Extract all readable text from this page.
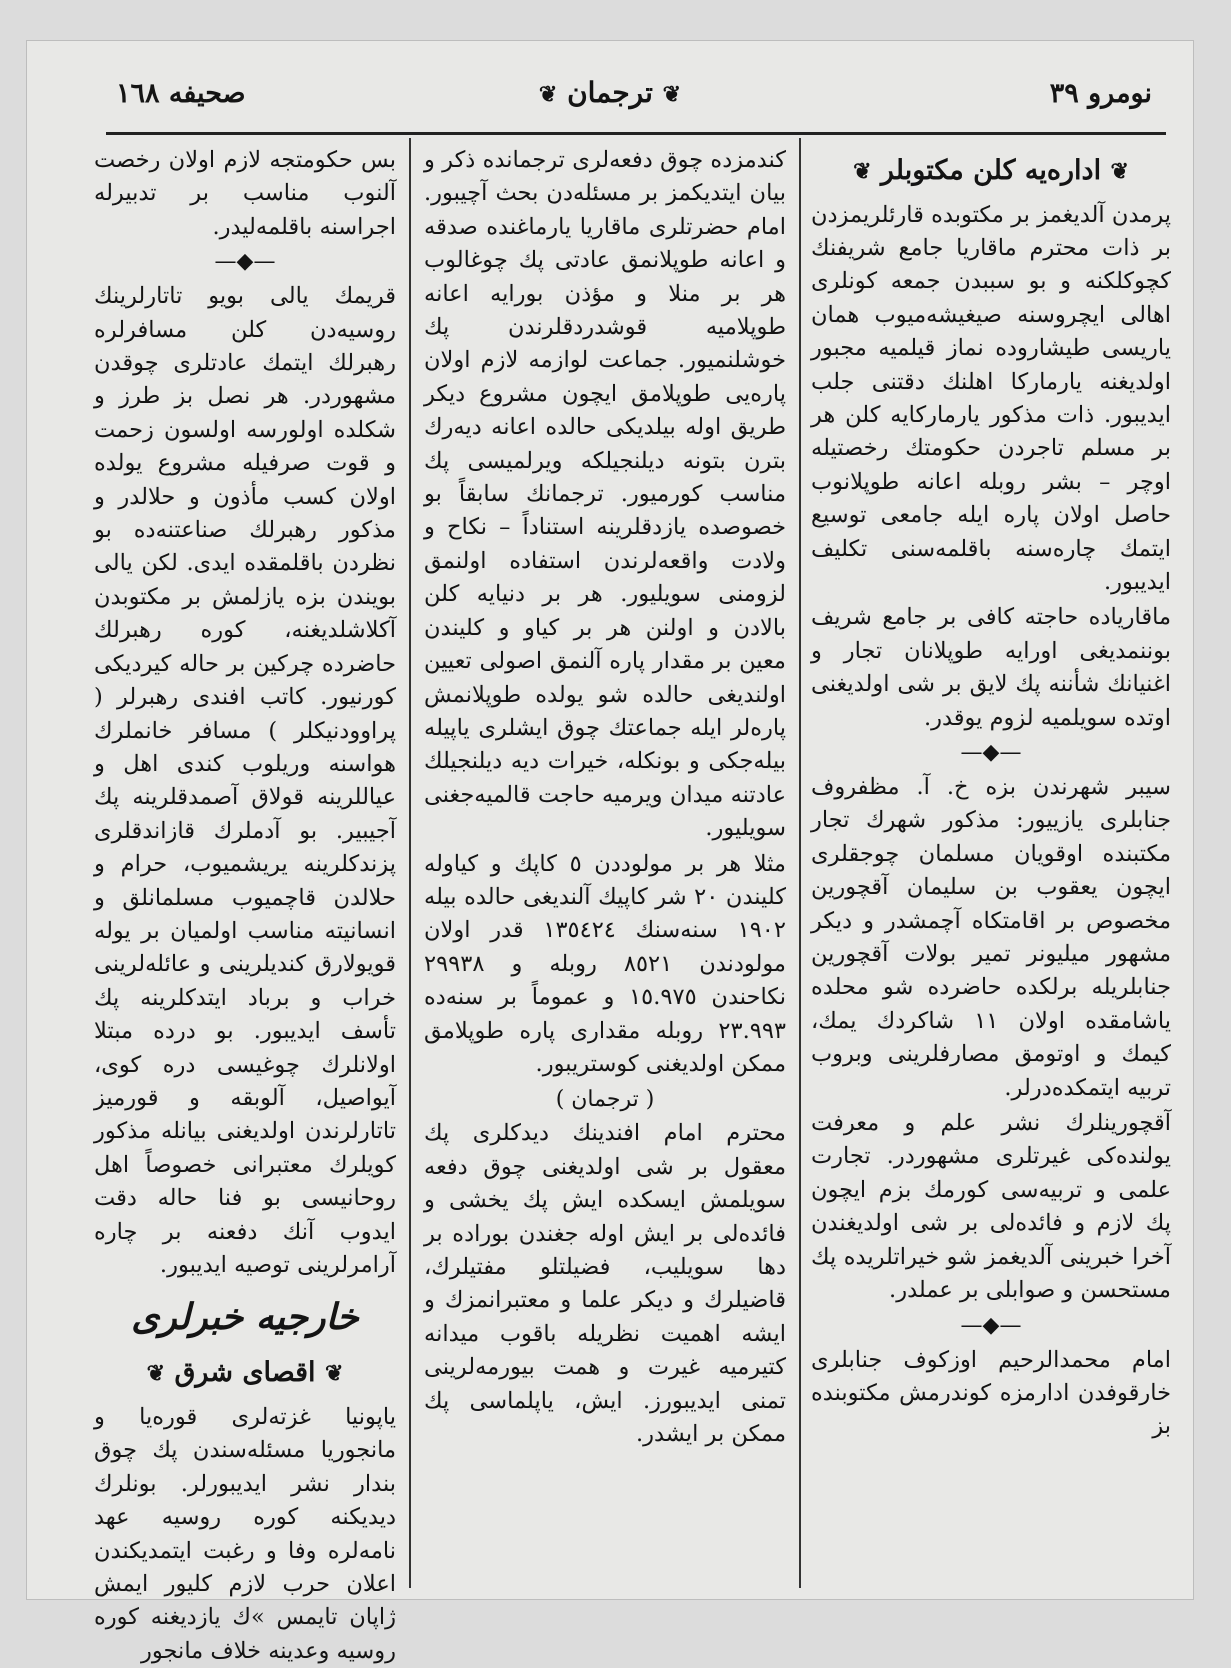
نومرو ٣٩
❦ ترجمان ❦
صحیفه ١٦٨
❦ اداره‌یه کلن مکتوبلر ❦

پرمدن آلدیغمز بر مکتوبده قارئلریمزدن بر ذات محترم ماقاریا جامع شریفنك کچوکلکنه و بو سببدن جمعه کونلری اهالی ایچروسنه صیغیشه‌میوب همان یاریسی طیشاروده نماز قیلمیه مجبور اولدیغنه یارمارکا اهلنك دقتنی جلب ایدیبور. ذات مذکور یارمارکایه کلن هر بر مسلم تاجردن حکومتك رخصتیله اوچر – بشر روبله اعانه طوپلانوب حاصل اولان پاره ایله جامعی توسیع ایتمك چاره‌سنه باقلمه‌سنی تکلیف ایدیبور.

ماقاریاده حاجته کافی بر جامع شریف بوننمدیغی اورایه طوپلانان تجار و اغنیانك شأننه پك لایق بر شی اولدیغنی اوتده سویلمیه لزوم یوقدر.

—◆—

سیبر شهرندن بزه خ. آ. مظفروف جنابلری یازییور: مذکور شهرك تجار مکتبنده اوقویان مسلمان چوجقلری ایچون یعقوب بن سلیمان آقچورین مخصوص بر اقامتکاه آچمشدر و دیکر مشهور میلیونر تمیر بولات آقچورین جنابلریله برلکده حاضرده شو محلده یاشامقده اولان ١١ شاکردك یمك، کیمك و اوتومق مصارفلرینی وبروب تربیه ایتمکده‌درلر.

آقچورینلرك نشر علم و معرفت یولنده‌کی غیرتلری مشهوردر. تجارت علمی و تربیه‌سی کورمك بزم ایچون پك لازم و فائده‌لی بر شی اولدیغندن آخرا خبرینی آلدیغمز شو خیراتلریده پك مستحسن و صوابلی بر عملدر.

—◆—

امام محمدالرحیم اوزکوف جنابلری خارقوفدن ادارمزه کوندرمش مکتوبنده بز

کندمزده چوق دفعه‌لری ترجمانده ذکر و بیان ایتدیکمز بر مسئله‌دن بحث آچیبور. امام حضرتلری ماقاریا یارماغنده صدقه و اعانه طوپلانمق عادتی پك چوغالوب هر بر منلا و مؤذن بورایه اعانه طوپلامیه قوشدردقلرندن پك خوشلنمیور. جماعت لوازمه لازم اولان پاره‌یی طوپلامق ایچون مشروع دیکر طریق اوله بیلدیکی حالده اعانه دیه‌رك بترن بتونه دیلنجیلکه ویرلمیسی پك مناسب کورمیور. ترجمانك سابقاً بو خصوصده یازدقلرینه استناداً – نکاح و ولادت واقعه‌لرندن استفاده اولنمق لزومنی سویلیور. هر بر دنیایه کلن بالادن و اولنن هر بر کیاو و کلیندن معین بر مقدار پاره آلنمق اصولی تعیین اولندیغی حالده شو یولده طوپلانمش پاره‌لر ایله جماعتك چوق ایشلری یاپیله بیله‌جکی و بونکله، خیرات دیه دیلنجیلك عادتنه میدان ویرمیه حاجت قالمیه‌جغنی سویلیور.

مثلا هر بر مولوددن ٥ کاپك و کیاوله کلیندن ٢٠ شر کاپیك آلندیغی حالده بیله ١٩٠٢ سنه‌سنك ١٣٥٤٢٤ قدر اولان مولودندن ٨٥٢١ روبله و ٢٩٩٣٨ نکاحندن ١٥.٩٧٥ و عموماً بر سنه‌ده ٢٣.٩٩٣ روبله مقداری پاره طوپلامق ممکن اولدیغنی کوستریبور.

( ترجمان )

محترم امام افندینك دیدکلری پك معقول بر شی اولدیغنی چوق دفعه سویلمش ایسکده ایش پك یخشی و فائده‌لی بر ایش اوله جغندن بوراده بر دها سویلیب، فضیلتلو مفتیلرك، قاضیلرك و دیکر علما و معتبرانمزك و ایشه اهمیت نظریله باقوب میدانه کتیرمیه غیرت و همت بیورمه‌لرینی تمنی ایدیبورز. ایش، یاپلماسی پك ممکن بر ایشدر.

بس حکومتجه لازم اولان رخصت آلنوب مناسب بر تدبیرله اجراسنه باقلمه‌لیدر.

—◆—

قریمك یالی بویو تاتارلرینك روسیه‌دن کلن مسافرلره رهبرلك ایتمك عادتلری چوقدن مشهوردر. هر نصل بز طرز و شکلده اولورسه اولسون زحمت و قوت صرفیله مشروع یولده اولان کسب مأذون و حلالدر و مذکور رهبرلك صناعتنه‌ده بو نظردن باقلمقده ایدی. لکن یالی بویندن بزه یازلمش بر مکتوبدن آکلاشلدیغنه، کوره رهبرلك حاضرده چرکین بر حاله کیردیکی کورنیور. کاتب افندی رهبرلر ( پراوودنیکلر ) مسافر خانملرك هواسنه وریلوب کندی اهل و عیاللرینه قولاق آصمدقلرینه پك آجیبیر. بو آدملرك قازاندقلری پزندکلرینه یریشمیوب، حرام و حلالدن قاچمیوب مسلمانلق و انسانیته مناسب اولمیان بر یوله قویولارق کندیلرینی و عائله‌لرینی خراب و برباد ایتدکلرینه پك تأسف ایدیبور. بو درده مبتلا اولانلرك چوغیسی دره کوی، آیواصیل، آلوبقه و قورمیز تاتارلرندن اولدیغنی بیانله مذکور کویلرك معتبرانی خصوصاً اهل روحانیسی بو فنا حاله دقت ایدوب آنك دفعنه بر چاره آرامرلرینی توصیه ایدیبور.

خارجیه خبرلری
❦ اقصای شرق ❦

یاپونیا غزته‌لری قوره‌یا و مانجوریا مسئله‌سندن پك چوق بندار نشر ایدیبورلر. بونلرك دیدیکنه کوره روسیه عهد نامه‌لره وفا و رغبت ایتمدیکندن اعلان حرب لازم کلیور ایمش ژاپان تایمس »ك یازدیغنه کوره روسیه وعدینه خلاف مانجور
